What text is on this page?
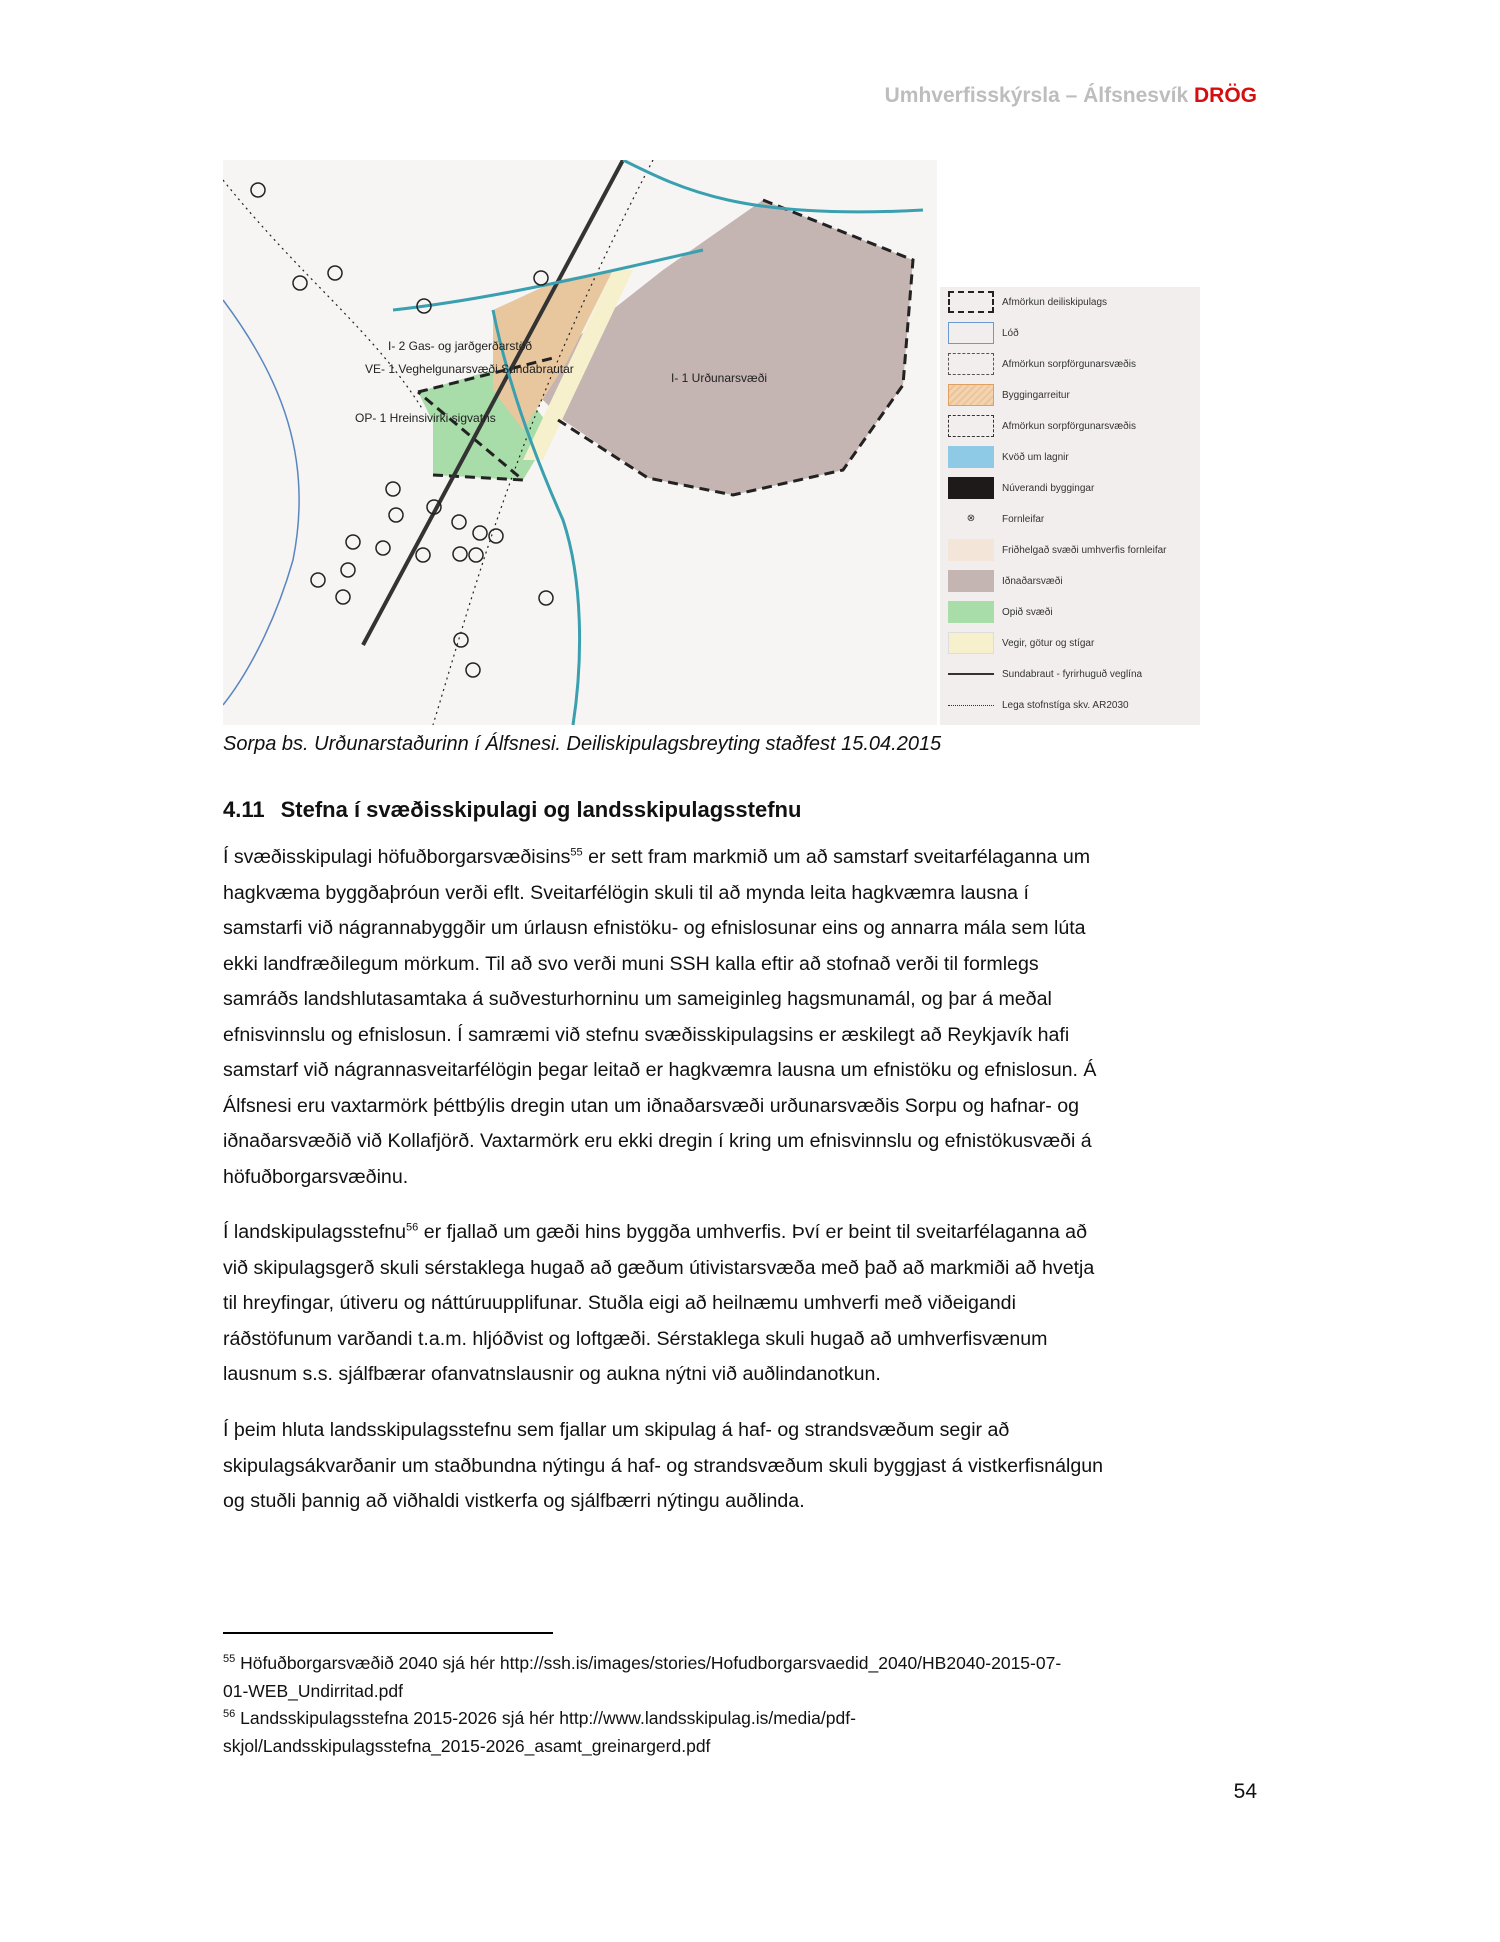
Umhverfisskýrsla – Álfsnesvík DRÖG
I- 2 Gas- og jarðgerðarstöð
VE- 1 Veghelgunarsvæði Sundabrautar
I- 1 Urðunarsvæði
OP- 1 Hreinsivirki sigvatns
Afmörkun deiliskipulags
Lóð
Afmörkun sorpförgunarsvæðis
Byggingarreitur
Afmörkun sorpförgunarsvæðis
Kvöð um lagnir
Núverandi byggingar
⊗	Fornleifar
Friðhelgað svæði umhverfis fornleifar
Iðnaðarsvæði
Opið svæði
Vegir, götur og stígar
Sundabraut - fyrirhuguð veglína
Lega stofnstíga skv. AR2030
Sorpa bs. Urðunarstaðurinn í Álfsnesi. Deiliskipulagsbreyting staðfest 15.04.2015
4.11 Stefna í svæðisskipulagi og landsskipulagsstefnu
Í svæðisskipulagi höfuðborgarsvæðisins$^{55}$ er sett fram markmið um að samstarf sveitarfélaganna um
hagkvæma byggðaþróun verði eflt. Sveitarfélögin skuli til að mynda leita hagkvæmra lausna í
samstarfi við nágrannabyggðir um úrlausn efnistöku- og efnislosunar eins og annarra mála sem lúta
ekki landfræðilegum mörkum. Til að svo verði muni SSH kalla eftir að stofnað verði til formlegs
samráðs landshlutasamtaka á suðvesturhorninu um sameiginleg hagsmunamál, og þar á meðal
efnisvinnslu og efnislosun. Í samræmi við stefnu svæðisskipulagsins er æskilegt að Reykjavík hafi
samstarf við nágrannasveitarfélögin þegar leitað er hagkvæmra lausna um efnistöku og efnislosun. Á
Álfsnesi eru vaxtarmörk þéttbýlis dregin utan um iðnaðarsvæði urðunarsvæðis Sorpu og hafnar- og
iðnaðarsvæðið við Kollafjörð. Vaxtarmörk eru ekki dregin í kring um efnisvinnslu og efnistökusvæði á
höfuðborgarsvæðinu.
Í landskipulagsstefnu$^{56}$ er fjallað um gæði hins byggða umhverfis. Því er beint til sveitarfélaganna að
við skipulagsgerð skuli sérstaklega hugað að gæðum útivistarsvæða með það að markmiði að hvetja
til hreyfingar, útiveru og náttúruupplifunar. Stuðla eigi að heilnæmu umhverfi með viðeigandi
ráðstöfunum varðandi t.a.m. hljóðvist og loftgæði. Sérstaklega skuli hugað að umhverfisvænum
lausnum s.s. sjálfbærar ofanvatnslausnir og aukna nýtni við auðlindanotkun.
Í þeim hluta landsskipulagsstefnu sem fjallar um skipulag á haf- og strandsvæðum segir að
skipulagsákvarðanir um staðbundna nýtingu á haf- og strandsvæðum skuli byggjast á vistkerfisnálgun
og stuðli þannig að viðhaldi vistkerfa og sjálfbærri nýtingu auðlinda.
$^{55}$ Höfuðborgarsvæðið 2040 sjá hér http://ssh.is/images/stories/Hofudborgarsvaedid_2040/HB2040-2015-07-
01-WEB_Undirritad.pdf
$^{56}$ Landsskipulagsstefna 2015-2026 sjá hér http://www.landsskipulag.is/media/pdf-
skjol/Landsskipulagsstefna_2015-2026_asamt_greinargerd.pdf
54
